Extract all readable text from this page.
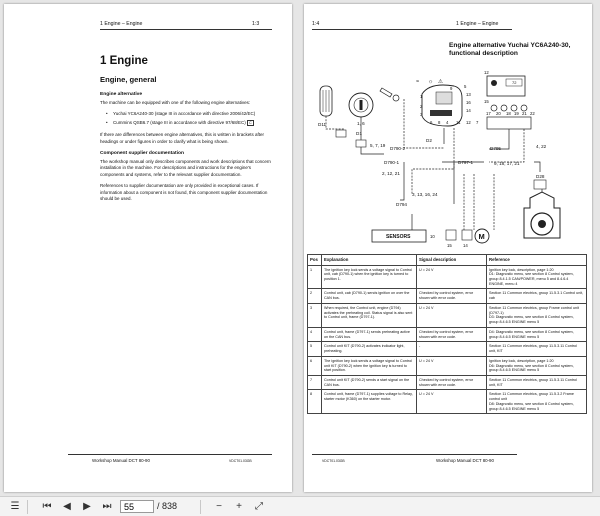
1 Engine – Engine	1:3
1 Engine
Engine, general
Engine alternative
The machine can be equipped with one of the following engine alternatives:
• Yuchai YC6A240-30 (stage III in accordance with directive 2006/42/EC)
• Cummins QSB6.7 (stage III in accordance with directive 97/68/EC) C
If there are differences between engine alternatives, this is written in brackets after headings or under figures in order to clarify what is being shown.
Component supplier documentation
The workshop manual only describes components and work descriptions that concern installation in the machine. For descriptions and instructions for the engine's components and systems, refer to the relevant supplier documentation.
References to supplier documentation are only provided in exceptional cases. If information about a component is not found, this component supplier documentation should be used.
Workshop Manual DCT 80-90	VDCT01.03GB
1:4	1 Engine – Engine
Engine alternative Yuchai YC6A240-30, functional description
≈ ☼ ⚠	72
9
1
2
3
6 8 4 11 12 7
12
5
13
16
14
15
17 20 18 19 21 22
D11	1, 6
D1
5, 7, 19
D790-2
D2
D795	4, 22
D790-1	D797-1	9, 18, 17, 21
2, 12, 21
D28
3, 13, 16, 24
D794
SENSORS	10
15	14
M
Pos	Explanation	Signal description	Reference
1	The ignition key lock sends a voltage signal to Control unit, cab (D790-1) when the ignition key is turned to position 1.	U = 24 V	Ignition key lock, description, page 1:20
D1: Diagnostic menu, see section 8 Control system, group 8.4.1.5 CAN/POWER, menu 5 and 8.4.6.4 ENGINE, menu 4
2	Control unit, cab (D790-1) sends ignition on over the CAN bus.	Checked by control system, error shown with error code.	Section 11 Common electrics, group 11.5.3.1 Control unit, cab
3	When required, the Control unit, engine (D794) activates the preheating coil. Status signal is also sent to Control unit, frame (D797-1).	U = 24 V	Section 11 Common electrics, group Frame control unit (D797-1)
D3: Diagnostic menu, see section 8 Control system, group 8.4.6.5 ENGINE menu 5
4	Control unit, frame (D797-1) sends preheating active on the CAN bus.	Checked by control system, error shown with error code.	D4: Diagnostic menu, see section 8 Control system, group 8.4.6.5 ENGINE menu 5
5	Control unit KIT (D790-2) activates indicator light, preheating.	-	Section 11 Common electrics, group 11.5.3.11 Control unit, KIT
6	The ignition key lock sends a voltage signal to Control unit KIT (D790-2) when the ignition key is turned to start position.	U = 24 V	Ignition key lock, description, page 1:20
D6: Diagnostic menu, see section 8 Control system, group 8.4.6.5 ENGINE menu 5
7	Control unit KIT (D790-2) sends a start signal on the CAN bus.	Checked by control system, error shown with error code.	Section 11 Common electrics, group 11.5.3.11 Control unit, KIT
8	Control unit, frame (D797-1) supplies voltage to Relay, starter motor (K360) on the starter motor.	U = 24 V	Section 11 Common electrics, group 11.5.3.2 Frame control unit
D8: Diagnostic menu, see section 8 Control system, group 8.4.6.5 ENGINE menu 5
VDCT01.03GB	Workshop Manual DCT 80-90
☰ ⏮	◀	▶	⏭
55	/ 838	−	+	⤢
